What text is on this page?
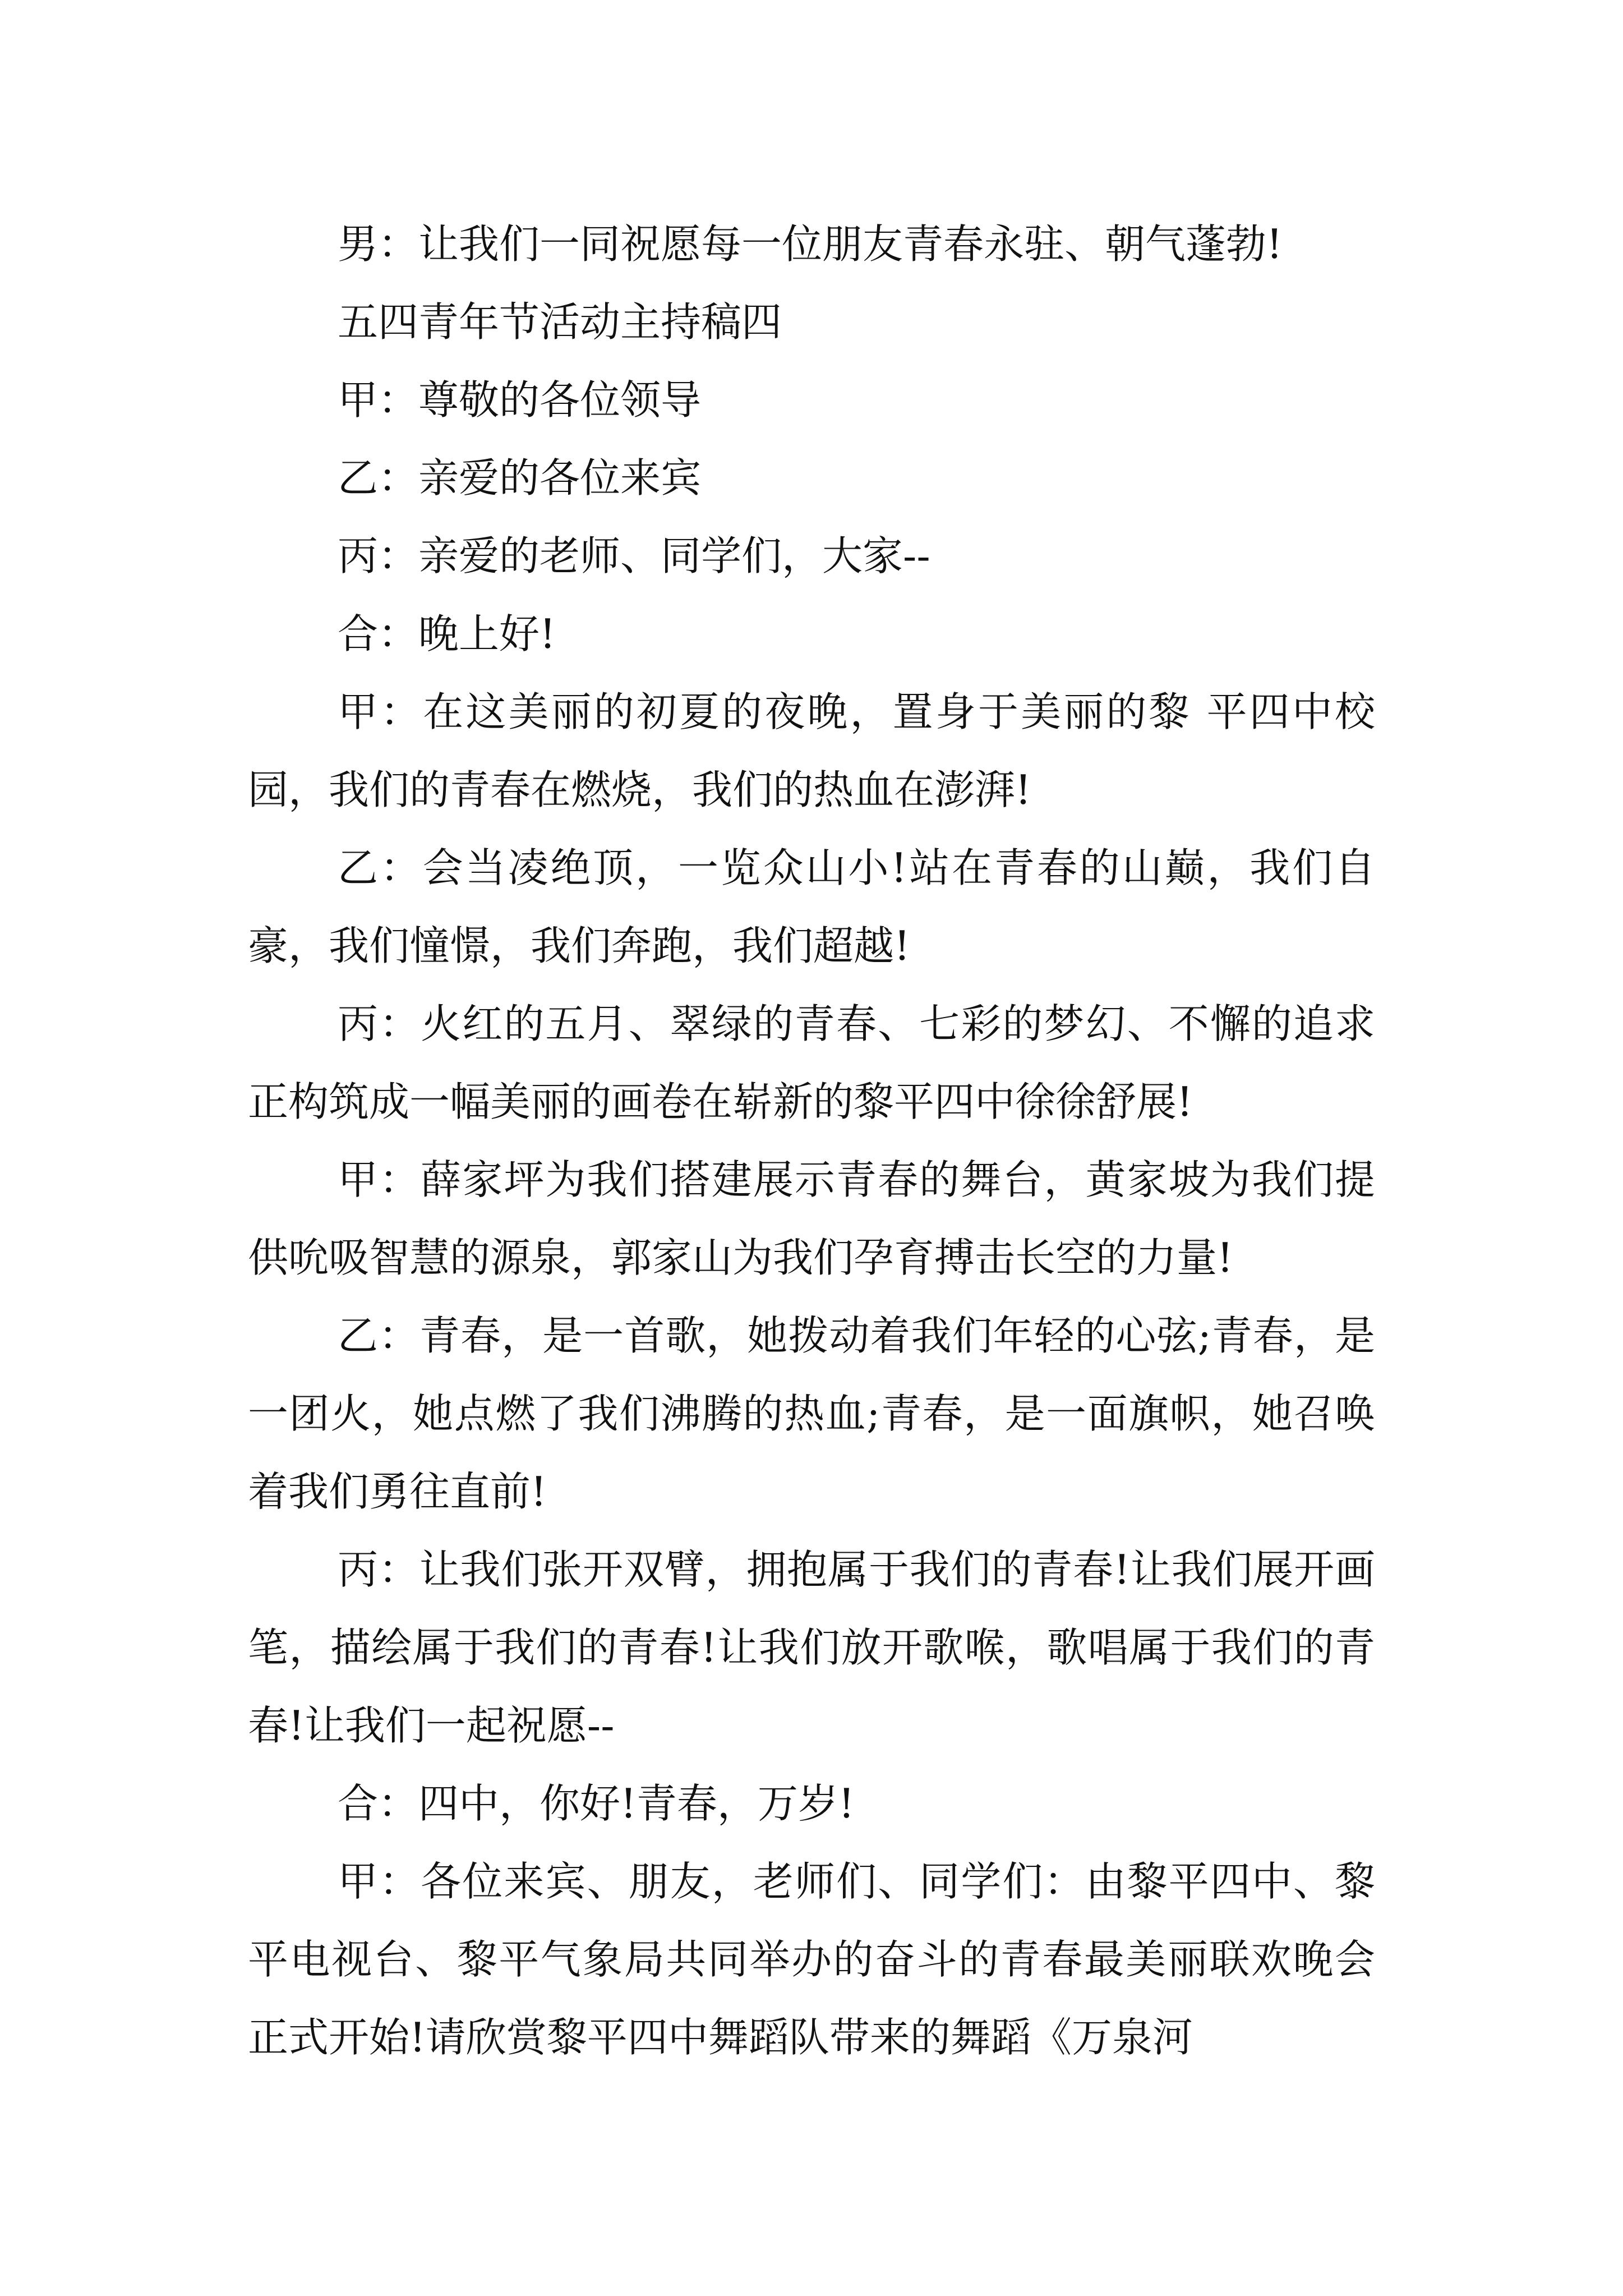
男：让我们一同祝愿每一位朋友青春永驻、朝气蓬勃!

五四青年节活动主持稿四

甲：尊敬的各位领导

乙：亲爱的各位来宾

丙：亲爱的老师、同学们，大家--

合：晚上好!

甲：在这美丽的初夏的夜晚，置身于美丽的黎 平四中校园，我们的青春在燃烧，我们的热血在澎湃!

乙：会当凌绝顶，一览众山小!站在青春的山巅，我们自豪，我们憧憬，我们奔跑，我们超越!

丙：火红的五月、翠绿的青春、七彩的梦幻、不懈的追求正构筑成一幅美丽的画卷在崭新的黎平四中徐徐舒展!

甲：薛家坪为我们搭建展示青春的舞台，黄家坡为我们提供吮吸智慧的源泉，郭家山为我们孕育搏击长空的力量!

乙：青春，是一首歌，她拨动着我们年轻的心弦;青春，是一团火，她点燃了我们沸腾的热血;青春，是一面旗帜，她召唤着我们勇往直前!

丙：让我们张开双臂，拥抱属于我们的青春!让我们展开画笔，描绘属于我们的青春!让我们放开歌喉，歌唱属于我们的青春!让我们一起祝愿--

合：四中，你好!青春，万岁!

甲：各位来宾、朋友，老师们、同学们：由黎平四中、黎平电视台、黎平气象局共同举办的奋斗的青春最美丽联欢晚会正式开始!请欣赏黎平四中舞蹈队带来的舞蹈《万泉河
